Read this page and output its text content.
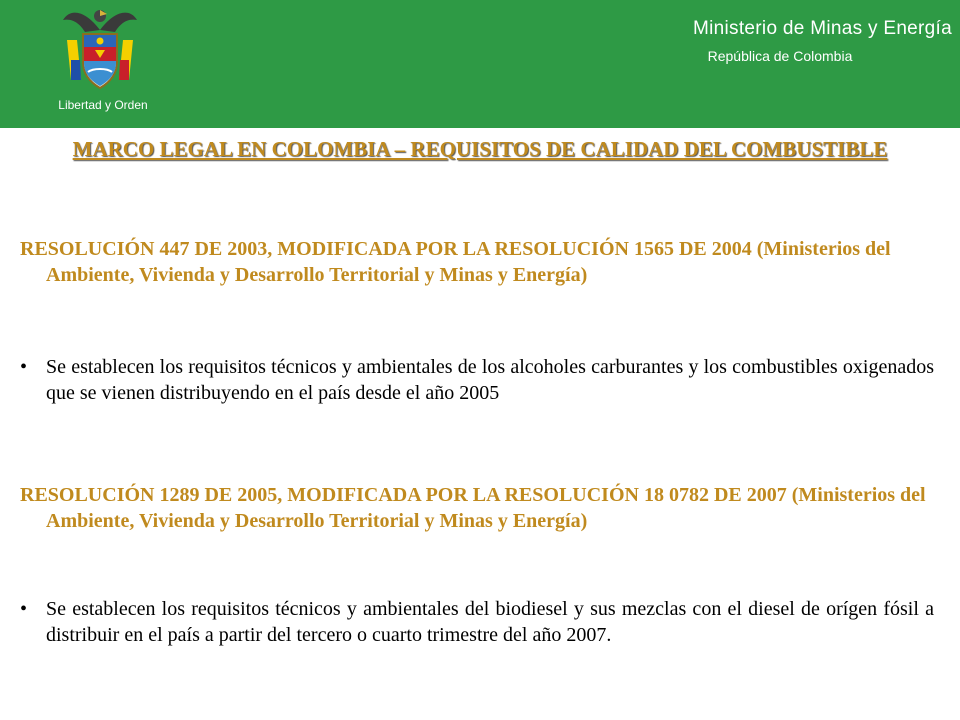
Libertad y Orden
Ministerio de Minas y Energía
República de Colombia
MARCO LEGAL EN COLOMBIA – REQUISITOS DE CALIDAD DEL COMBUSTIBLE

RESOLUCIÓN 447 DE 2003, MODIFICADA POR LA RESOLUCIÓN 1565 DE 2004 (Ministerios del Ambiente, Vivienda y Desarrollo Territorial y Minas y Energía)

• Se establecen los requisitos técnicos y ambientales de los alcoholes carburantes y los combustibles oxigenados que se vienen distribuyendo en el país desde el año 2005

RESOLUCIÓN 1289 DE 2005, MODIFICADA POR LA RESOLUCIÓN 18 0782 DE 2007 (Ministerios del Ambiente, Vivienda y Desarrollo Territorial y Minas y Energía)

• Se establecen los requisitos técnicos y ambientales del biodiesel y sus mezclas con el diesel de orígen fósil a distribuir en el país a partir del tercero o cuarto trimestre del año 2007.
